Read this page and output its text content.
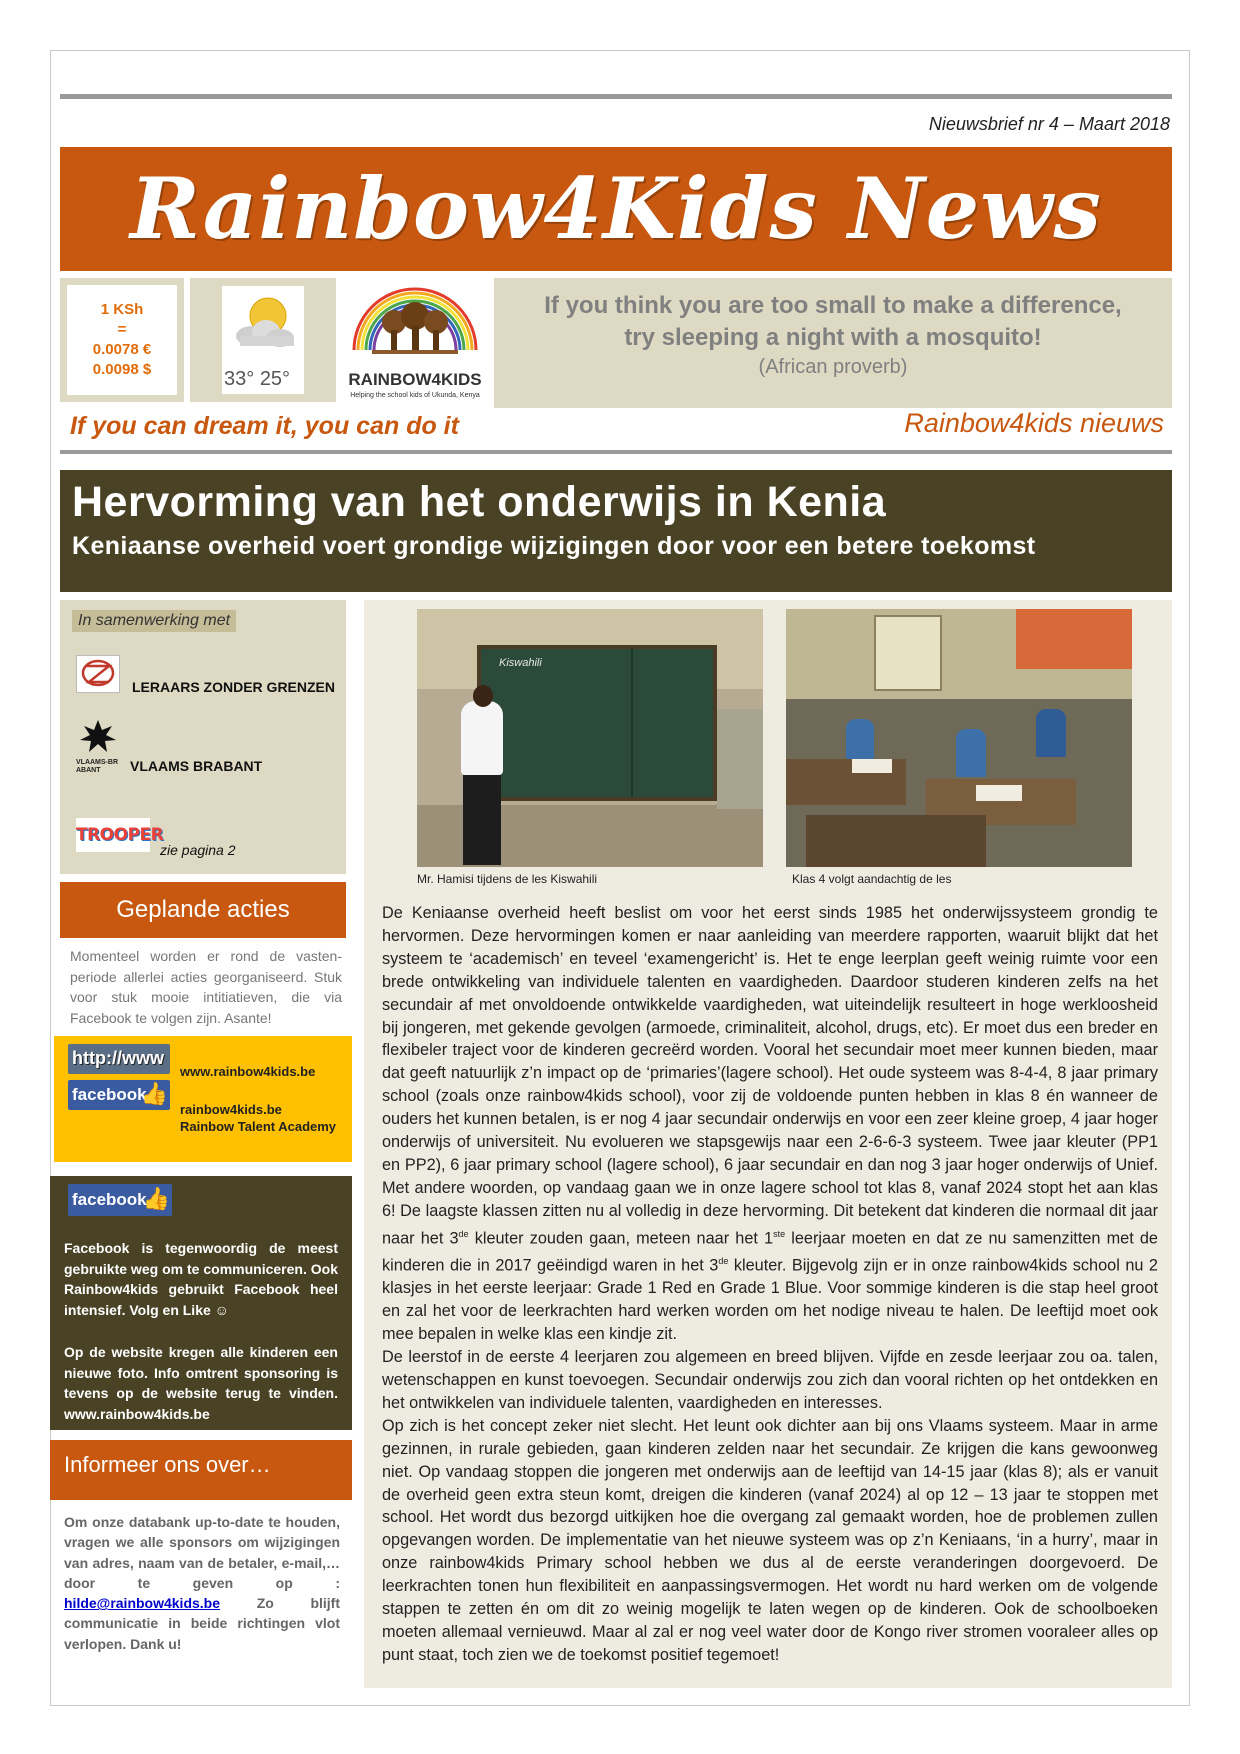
Nieuwsbrief nr 4 – Maart 2018
Rainbow4Kids News
1 KSh
=
0.0078 €
0.0098 $	33° 25°	RAINBOW4KIDS
Helping the school kids of Ukunda, Kenya
If you think you are too small to make a difference,
try sleeping a night with a mosquito!
(African proverb)
If you can dream it, you can do it	Rainbow4kids nieuws
Hervorming van het onderwijs in Kenia
Keniaanse overheid voert grondige wijzigingen door voor een betere toekomst
In samenwerking met
LERAARS ZONDER GRENZEN
VLAAMS-BRABANT	VLAAMS BRABANT
TROOPER
zie pagina 2
Geplande acties
Momenteel worden er rond de vasten-periode allerlei acties georganiseerd. Stuk voor stuk mooie intitiatieven, die via Facebook te volgen zijn. Asante!
http://www
www.rainbow4kids.be
facebook
👍
rainbow4kids.be
Rainbow Talent Academy
facebook
👍

Facebook is tegenwoordig de meest gebruikte weg om te communiceren. Ook Rainbow4kids gebruikt Facebook heel intensief. Volg en Like ☺

Op de website kregen alle kinderen een nieuwe foto. Info omtrent sponsoring is tevens op de website terug te vinden. www.rainbow4kids.be

Informeer ons over…
Om onze databank up-to-date te houden, vragen we alle sponsors om wijzigingen van adres, naam van de betaler, e-mail,… door te geven op : hilde@rainbow4kids.be	Zo blijft communicatie in beide richtingen vlot verlopen. Dank u!
Kiswahili
Mr. Hamisi tijdens de les Kiswahili	Klas 4 volgt aandachtig de les

De Keniaanse overheid heeft beslist om voor het eerst sinds 1985 het onderwijssysteem grondig te hervormen. Deze hervormingen komen er naar aanleiding van meerdere rapporten, waaruit blijkt dat het systeem te ‘academisch’ en teveel ‘examengericht’ is. Het te enge leerplan geeft weinig ruimte voor een brede ontwikkeling van individuele talenten en vaardigheden. Daardoor studeren kinderen zelfs na het secundair af met onvoldoende ontwikkelde vaardigheden, wat uiteindelijk resulteert in hoge werkloosheid bij jongeren, met gekende gevolgen (armoede, criminaliteit, alcohol, drugs, etc). Er moet dus een breder en flexibeler traject voor de kinderen gecreërd worden. Vooral het secundair moet meer kunnen bieden, maar dat geeft natuurlijk z’n impact op de ‘primaries’(lagere school). Het oude systeem was 8-4-4, 8 jaar primary school (zoals onze rainbow4kids school), voor zij de voldoende punten hebben in klas 8 én wanneer de ouders het kunnen betalen, is er nog 4 jaar secundair onderwijs en voor een zeer kleine groep, 4 jaar hoger onderwijs of universiteit. Nu evolueren we stapsgewijs naar een 2-6-6-3 systeem. Twee jaar kleuter (PP1 en PP2), 6 jaar primary school (lagere school), 6 jaar secundair en dan nog 3 jaar hoger onderwijs of Unief. Met andere woorden, op vandaag gaan we in onze lagere school tot klas 8, vanaf 2024 stopt het aan klas 6! De laagste klassen zitten nu al volledig in deze hervorming. Dit betekent dat kinderen die normaal dit jaar naar het 3de kleuter zouden gaan, meteen naar het 1ste leerjaar moeten en dat ze nu samenzitten met de kinderen die in 2017 geëindigd waren in het 3de kleuter. Bijgevolg zijn er in onze rainbow4kids school nu 2 klasjes in het eerste leerjaar: Grade 1 Red en Grade 1 Blue. Voor sommige kinderen is die stap heel groot en zal het voor de leerkrachten hard werken worden om het nodige niveau te halen. De leeftijd moet ook mee bepalen in welke klas een kindje zit.

De leerstof in de eerste 4 leerjaren zou algemeen en breed blijven. Vijfde en zesde leerjaar zou oa. talen, wetenschappen en kunst toevoegen. Secundair onderwijs zou zich dan vooral richten op het ontdekken en het ontwikkelen van individuele talenten, vaardigheden en interesses.

Op zich is het concept zeker niet slecht. Het leunt ook dichter aan bij ons Vlaams systeem. Maar in arme gezinnen, in rurale gebieden, gaan kinderen zelden naar het secundair. Ze krijgen die kans gewoonweg niet. Op vandaag stoppen die jongeren met onderwijs aan de leeftijd van 14-15 jaar (klas 8); als er vanuit de overheid geen extra steun komt, dreigen die kinderen (vanaf 2024) al op 12 – 13 jaar te stoppen met school. Het wordt dus bezorgd uitkijken hoe die overgang zal gemaakt worden, hoe de problemen zullen opgevangen worden. De implementatie van het nieuwe systeem was op z’n Keniaans, ‘in a hurry’, maar in onze rainbow4kids Primary school hebben we dus al de eerste veranderingen doorgevoerd. De leerkrachten tonen hun flexibiliteit en aanpassingsvermogen. Het wordt nu hard werken om de volgende stappen te zetten én om dit zo weinig mogelijk te laten wegen op de kinderen. Ook de schoolboeken moeten allemaal vernieuwd. Maar al zal er nog veel water door de Kongo river stromen vooraleer alles op punt staat, toch zien we de toekomst positief tegemoet!
